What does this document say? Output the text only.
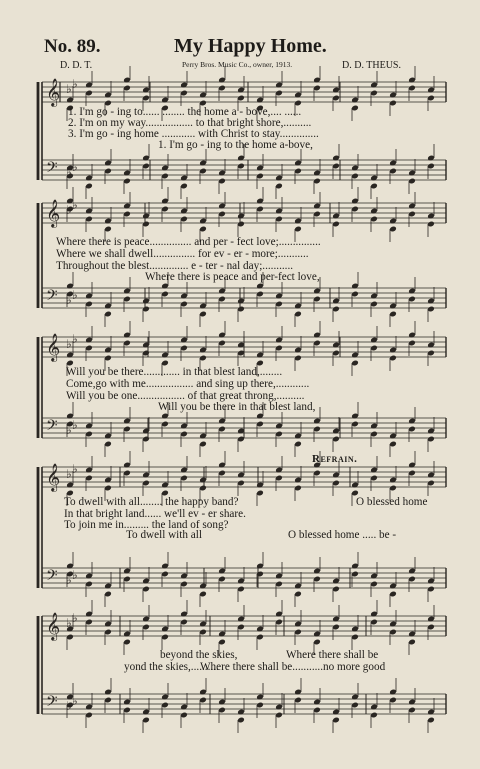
No. 89.	My Happy Home.
D. D. T.	Perry Bros. Music Co., owner, 1913.	D. D. THEUS.
𝄞
𝄢
♭ ♭
♭ ♭
𝄞
𝄢
♭ ♭
♭ ♭
𝄞
𝄢
♭ ♭
♭ ♭
𝄞
𝄢
♭ ♭
♭ ♭
𝄞
𝄢
♭ ♭
♭ ♭
1. I'm go - ing to...... ........ the home a - bove,.... ......
2. I'm on my way................. to that bright shore,..........
3. I'm go - ing home ............ with Christ to stay..............
1. I'm go - ing to the home a-bove,
Where there is peace............... and per - fect love;...............
Where we shall dwell............... for ev - er - more;...........
Throughout the blest.............. e - ter - nal day;...........
Where there is peace and per-fect love,
Will you be there............. in that blest land,........
Come,go with me................. and sing up there,............
Will you be one................. of that great throng,..........
Will you be there in that blest land,
Refrain.
To dwell with all........ the happy band?
In that bright land...... we'll ev - er share.
To join me in......... the land of song?
To dwell with all
O blessed home
O blessed home ..... be -
beyond the skies,
yond the skies,..........
Where there shall be
Where there shall be...........no more good
